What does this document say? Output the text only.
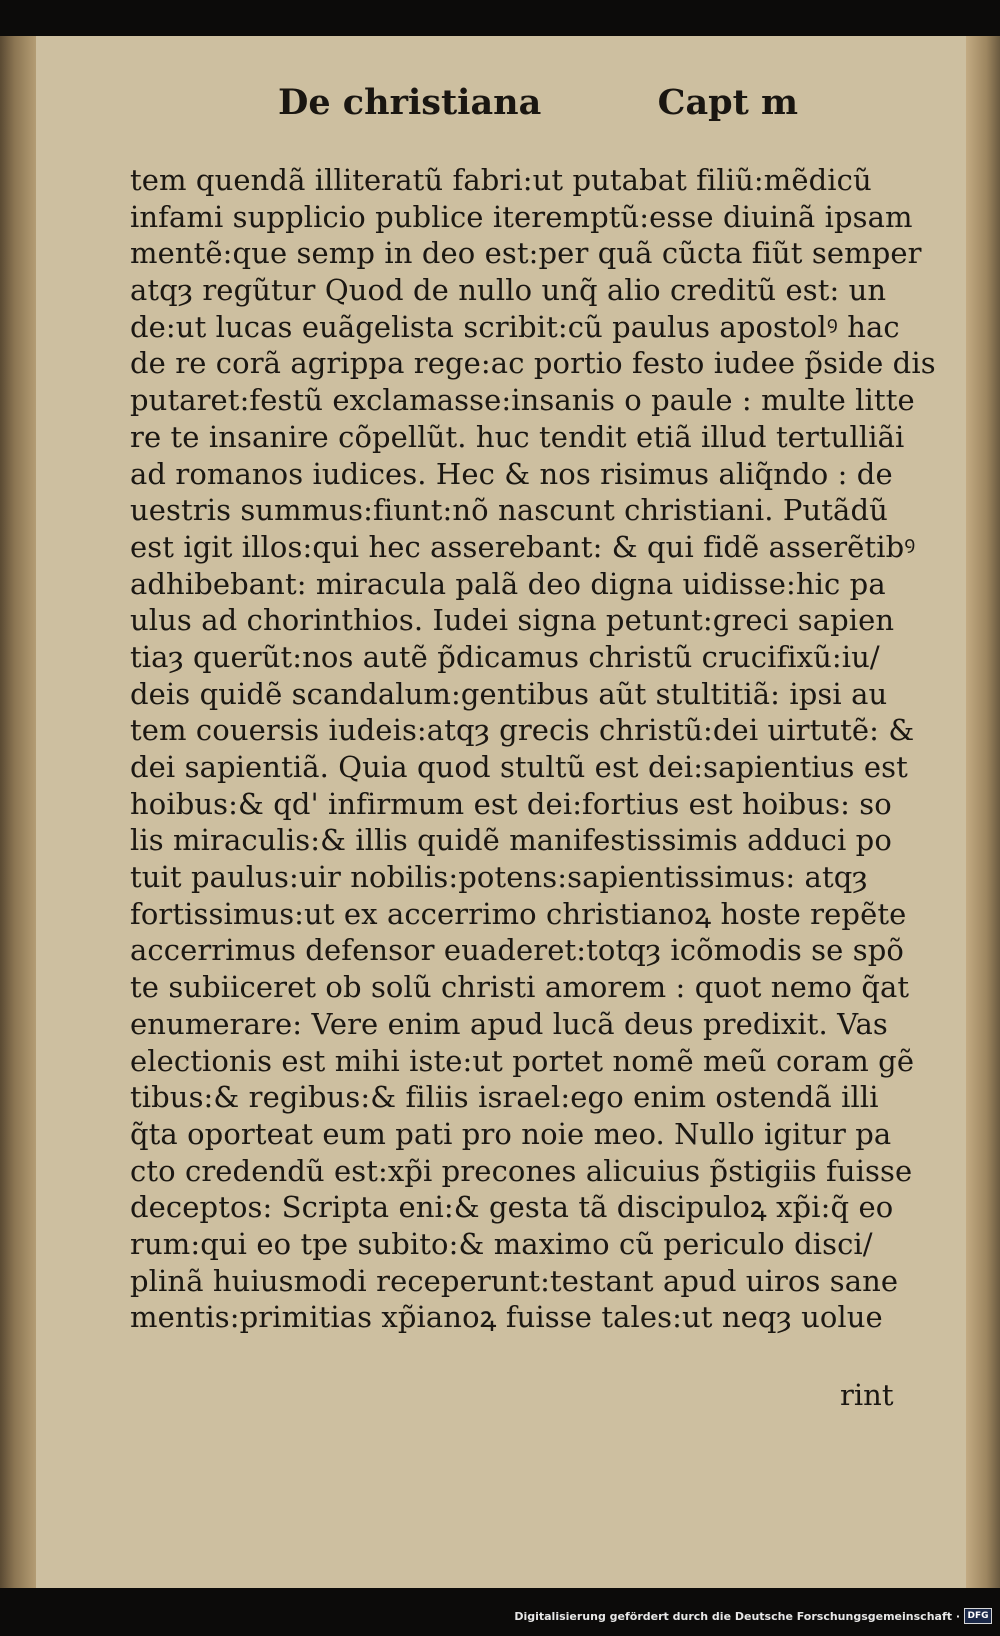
De christiana	Capt m
tem quendã illiteratũ fabri:ut putabat filiũ:mẽdicũ
infami supplicio publice iteremptũ:esse diuinã ipsam
mentẽ:que semp in deo est:per quã cũcta fiũt semper
atqȝ regũtur Quod de nullo unq̃ alio creditũ est: un
de:ut lucas euãgelista scribit:cũ paulus apostolꝰ hac
de re corã agrippa rege:ac portio festo iudee p̃side dis
putaret:festũ exclamasse:insanis o paule : multe litte
re te insanire cõpellũt. huc tendit etiã illud tertulliãi
ad romanos iudices. Hec & nos risimus aliq̃ndo : de
uestris summus:fiunt:nõ nascunt christiani. Putãdũ
est igit illos:qui hec asserebant: & qui fidẽ asserẽtibꝰ
adhibebant: miracula palã deo digna uidisse:hic pa
ulus ad chorinthios. Iudei signa petunt:greci sapien
tiaȝ querũt:nos autẽ p̃dicamus christũ crucifixũ:iu/
deis quidẽ scandalum:gentibus aũt stultitiã: ipsi au
tem couersis iudeis:atqȝ grecis christũ:dei uirtutẽ: &
dei sapientiã. Quia quod stultũ est dei:sapientius est
hoibus:& qd' infirmum est dei:fortius est hoibus: so
lis miraculis:& illis quidẽ manifestissimis adduci po
tuit paulus:uir nobilis:potens:sapientissimus: atqȝ
fortissimus:ut ex accerrimo christianoꝝ hoste repẽte
accerrimus defensor euaderet:totqȝ icõmodis se spõ
te subiiceret ob solũ christi amorem : quot nemo q̃at
enumerare: Vere enim apud lucã deus predixit. Vas
electionis est mihi iste:ut portet nomẽ meũ coram gẽ
tibus:& regibus:& filiis israel:ego enim ostendã illi
q̃ta oporteat eum pati pro noie meo. Nullo igitur pa
cto credendũ est:xp̃i precones alicuius p̃stigiis fuisse
deceptos: Scripta eni:& gesta tã discipuloꝝ xp̃i:q̃ eo
rum:qui eo tpe subito:& maximo cũ periculo disci/
plinã huiusmodi receperunt:testant apud uiros sane
mentis:primitias xp̃ianoꝝ fuisse tales:ut neqȝ uolue
rint
Digitalisierung gefördert durch die Deutsche Forschungsgemeinschaft · DFG
